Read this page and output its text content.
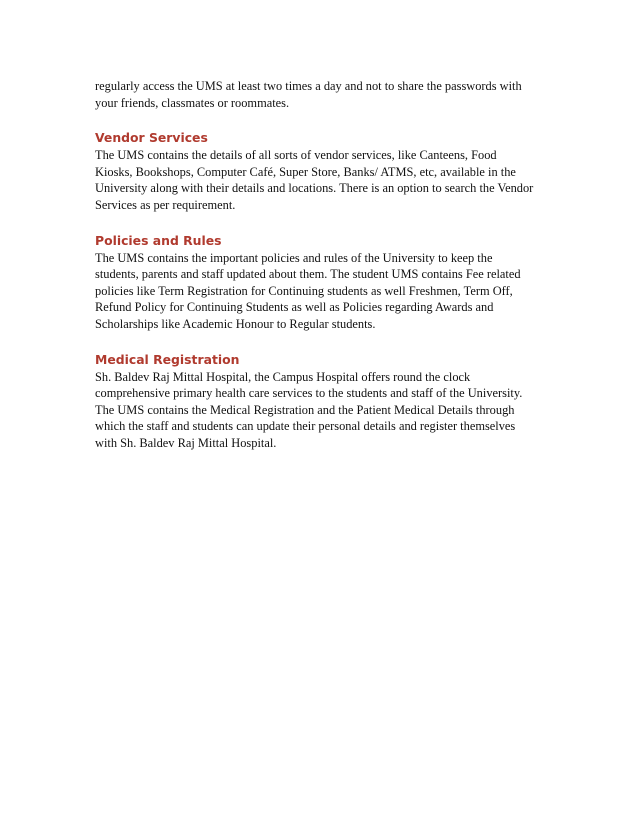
regularly access the UMS at least two times a day and not to share the passwords with
your friends, classmates or roommates.

Vendor Services

The UMS contains the details of all sorts of vendor services, like Canteens, Food
Kiosks, Bookshops, Computer Café, Super Store, Banks/ ATMS, etc, available in the
University along with their details and locations. There is an option to search the Vendor
Services as per requirement.

Policies and Rules

The UMS contains the important policies and rules of the University to keep the
students, parents and staff updated about them. The student UMS contains Fee related
policies like Term Registration for Continuing students as well Freshmen, Term Off,
Refund Policy for Continuing Students as well as Policies regarding Awards and
Scholarships like Academic Honour to Regular students.

Medical Registration

Sh. Baldev Raj Mittal Hospital, the Campus Hospital offers round the clock
comprehensive primary health care services to the students and staff of the University.
The UMS contains the Medical Registration and the Patient Medical Details through
which the staff and students can update their personal details and register themselves
with Sh. Baldev Raj Mittal Hospital.
